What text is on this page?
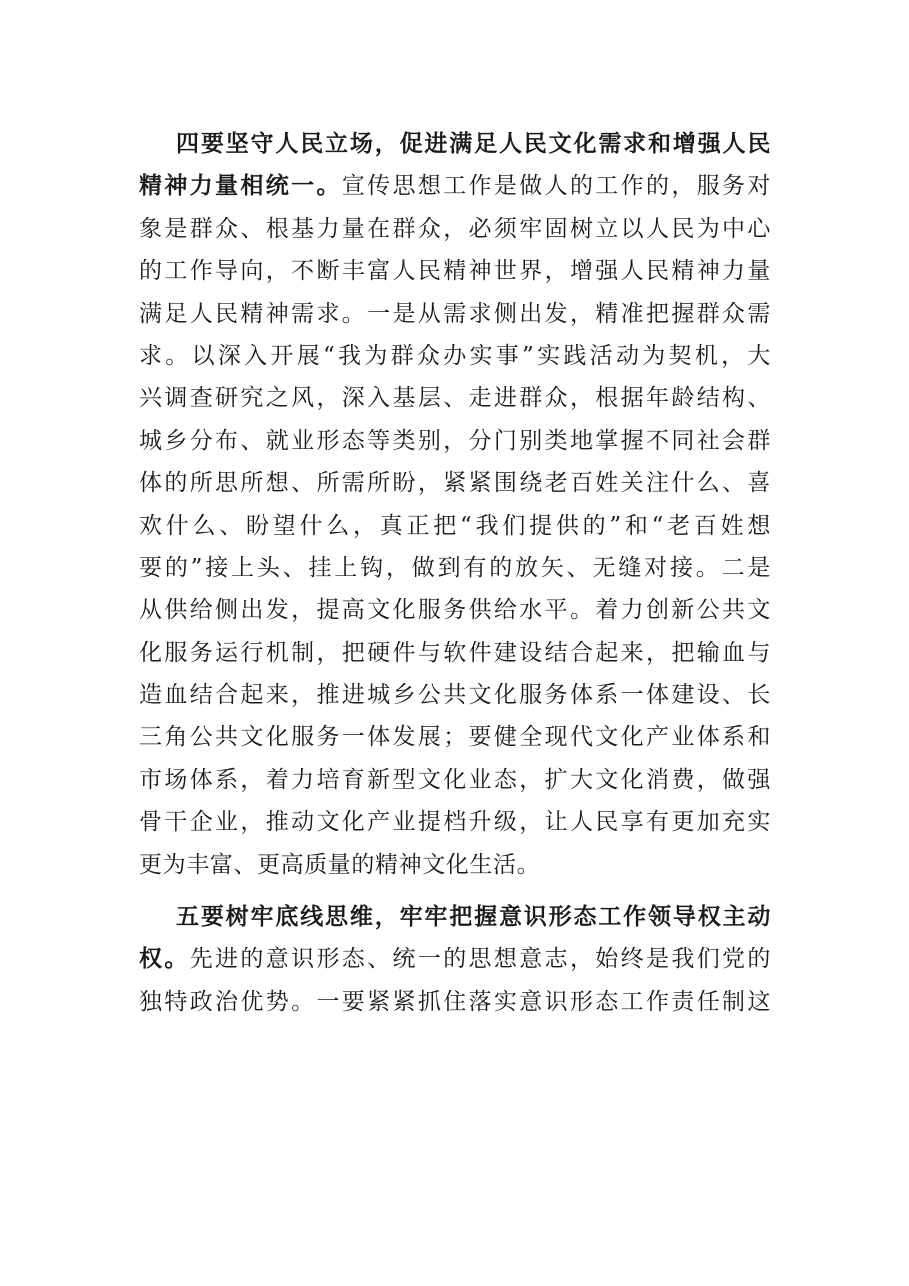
四要坚守人民立场，促进满足人民文化需求和增强人民
精神力量相统一。宣传思想工作是做人的工作的，服务对
象是群众、根基力量在群众，必须牢固树立以人民为中心
的工作导向，不断丰富人民精神世界，增强人民精神力量
满足人民精神需求。一是从需求侧出发，精准把握群众需
求。以深入开展“我为群众办实事”实践活动为契机，大
兴调查研究之风，深入基层、走进群众，根据年龄结构、
城乡分布、就业形态等类别，分门别类地掌握不同社会群
体的所思所想、所需所盼，紧紧围绕老百姓关注什么、喜
欢什么、盼望什么，真正把“我们提供的”和“老百姓想
要的”接上头、挂上钩，做到有的放矢、无缝对接。二是
从供给侧出发，提高文化服务供给水平。着力创新公共文
化服务运行机制，把硬件与软件建设结合起来，把输血与
造血结合起来，推进城乡公共文化服务体系一体建设、长
三角公共文化服务一体发展；要健全现代文化产业体系和
市场体系，着力培育新型文化业态，扩大文化消费，做强
骨干企业，推动文化产业提档升级，让人民享有更加充实
更为丰富、更高质量的精神文化生活。
五要树牢底线思维，牢牢把握意识形态工作领导权主动
权。先进的意识形态、统一的思想意志，始终是我们党的
独特政治优势。一要紧紧抓住落实意识形态工作责任制这
